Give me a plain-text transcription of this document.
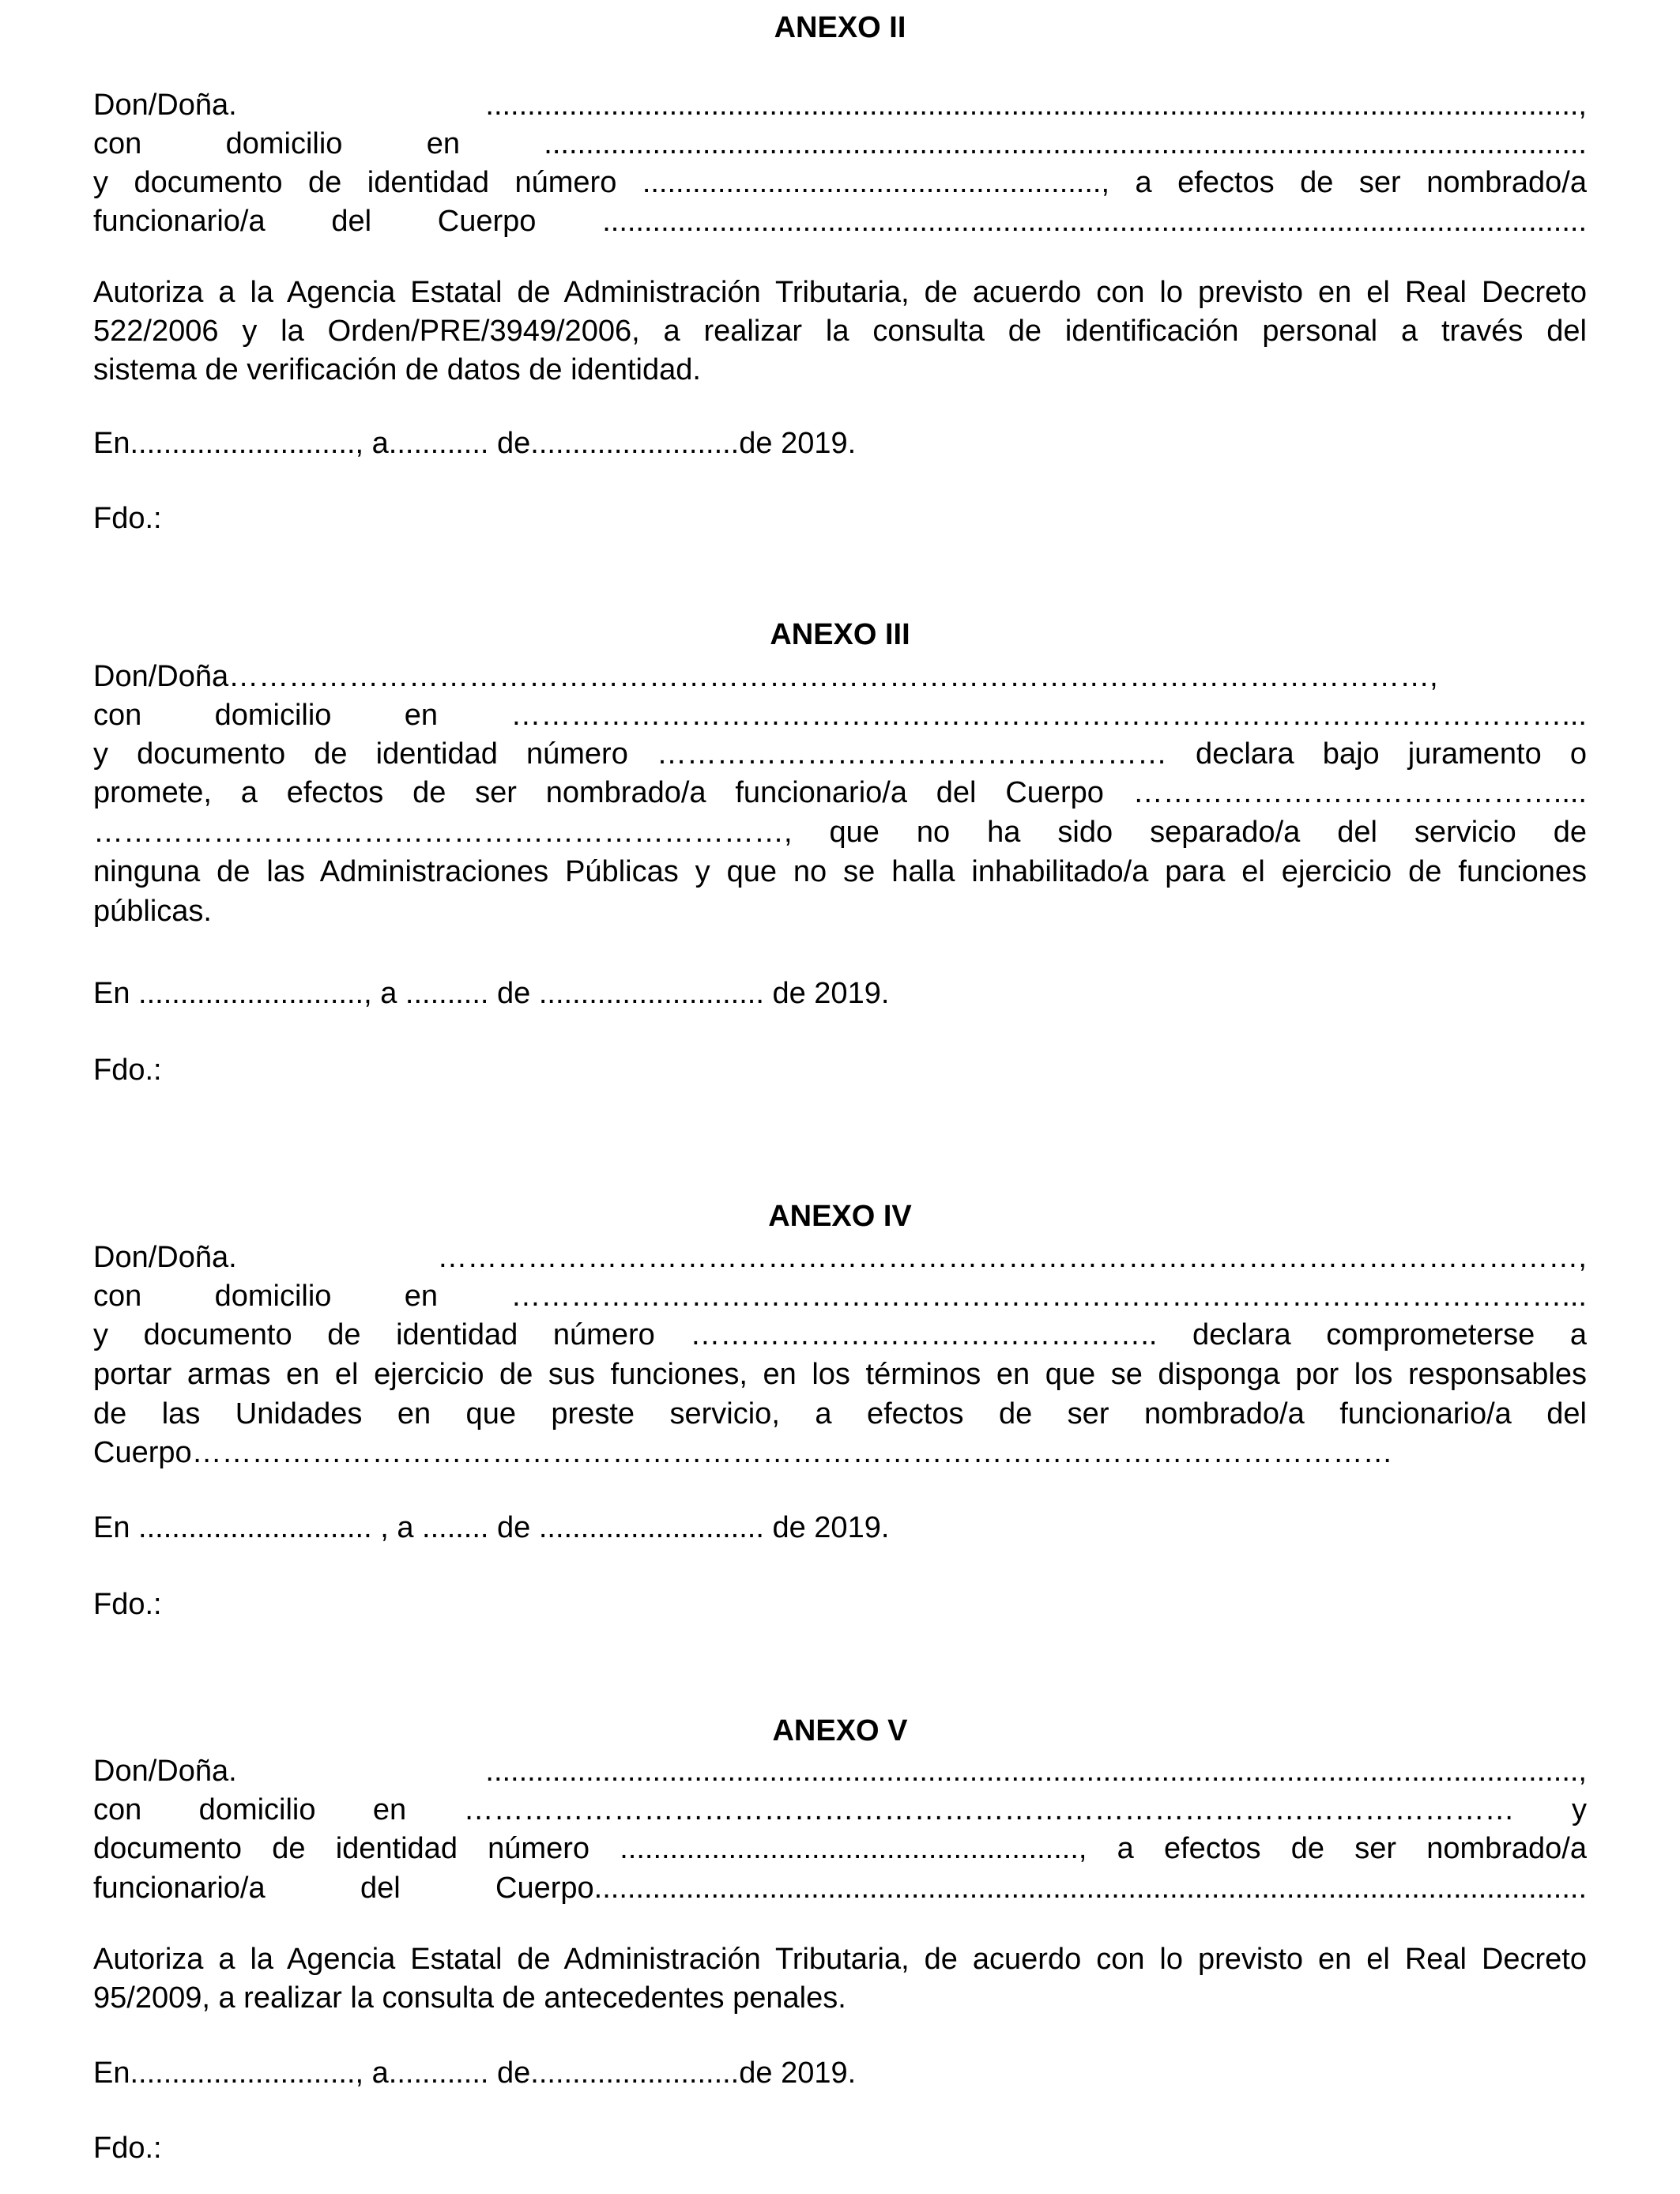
ANEXO II
Don/Doña. ...................................................................................................................................,
con domicilio en .............................................................................................................................
y documento de identidad número ......................................................., a efectos de ser nombrado/a
funcionario/a del Cuerpo ......................................................................................................................
Autoriza a la Agencia Estatal de Administración Tributaria, de acuerdo con lo previsto en el Real Decreto
522/2006 y la Orden/PRE/3949/2006, a realizar la consulta de identificación personal a través del
sistema de verificación de datos de identidad.
En..........................., a............ de.........................de 2019.
Fdo.:
ANEXO III
Don/Doña…………………………………………………………………………………………………………,
con domicilio en ……………………………………………………………………………………………...
y documento de identidad número …………………………………………… declara bajo juramento o
promete, a efectos de ser nombrado/a funcionario/a del Cuerpo ……………………………………....
……………………………………………………………, que no ha sido separado/a del servicio de
ninguna de las Administraciones Públicas y que no se halla inhabilitado/a para el ejercicio de funciones
públicas.
En ..........................., a .......... de ........................... de 2019.
Fdo.:
ANEXO IV
Don/Doña. ……………………………………………………………………………………………………,
con domicilio en ……………………………………………………………………………………………...
y documento de identidad número ……………………………………….. declara comprometerse a
portar armas en el ejercicio de sus funciones, en los términos en que se disponga por los responsables
de las Unidades en que preste servicio, a efectos de ser nombrado/a funcionario/a del
Cuerpo…………………………………………………………………………………………………………
En ............................ , a ........ de ........................... de 2019.
Fdo.:
ANEXO V
Don/Doña. ...................................................................................................................................,
con domicilio en …………………………………………………………………………………………… y
documento de identidad número ......................................................., a efectos de ser nombrado/a
funcionario/a del Cuerpo.......................................................................................................................
Autoriza a la Agencia Estatal de Administración Tributaria, de acuerdo con lo previsto en el Real Decreto
95/2009, a realizar la consulta de antecedentes penales.
En..........................., a............ de.........................de 2019.
Fdo.:
